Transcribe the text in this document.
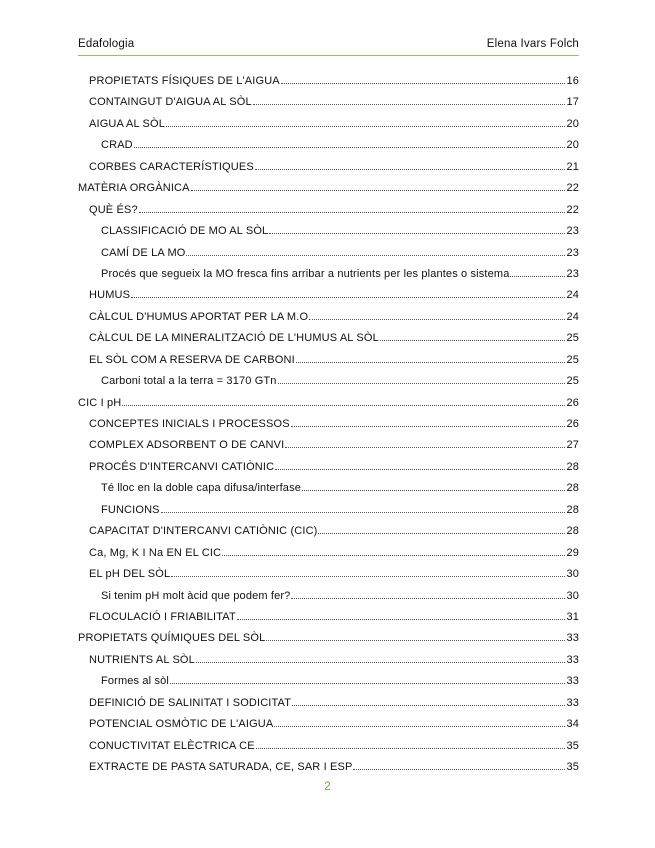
Edafologia	Elena Ivars Folch
PROPIETATS FÍSIQUES DE L'AIGUA	16
CONTAINGUT D'AIGUA AL SÒL	17
AIGUA AL SÒL	20
CRAD	20
CORBES CARACTERÍSTIQUES	21
MATÈRIA ORGÀNICA	22
QUÈ ÉS?	22
CLASSIFICACIÓ DE MO AL SÒL	23
CAMÍ DE LA MO	23
Procés que segueix la MO fresca fins arribar a nutrients per les plantes o sistema	23
HUMUS	24
CÀLCUL D'HUMUS APORTAT PER LA M.O.	24
CÀLCUL DE LA MINERALITZACIÓ DE L'HUMUS AL SÒL	25
EL SÒL COM A RESERVA DE CARBONI	25
Carboni total a la terra = 3170 GTn	25
CIC I pH	26
CONCEPTES INICIALS I PROCESSOS	26
COMPLEX ADSORBENT O DE CANVI	27
PROCÉS D'INTERCANVI CATIÒNIC	28
Té lloc en la doble capa difusa/interfase	28
FUNCIONS	28
CAPACITAT D'INTERCANVI CATIÒNIC (CIC)	28
Ca, Mg, K I Na EN EL CIC	29
EL pH DEL SÒL	30
Si tenim pH molt àcid que podem fer?	30
FLOCULACIÓ I FRIABILITAT	31
PROPIETATS QUÍMIQUES DEL SÒL	33
NUTRIENTS AL SÒL	33
Formes al sòl	33
DEFINICIÓ DE SALINITAT I SODICITAT	33
POTENCIAL OSMÒTIC DE L'AIGUA	34
CONUCTIVITAT ELÈCTRICA CE	35
EXTRACTE DE PASTA SATURADA, CE, SAR I ESP	35
2
